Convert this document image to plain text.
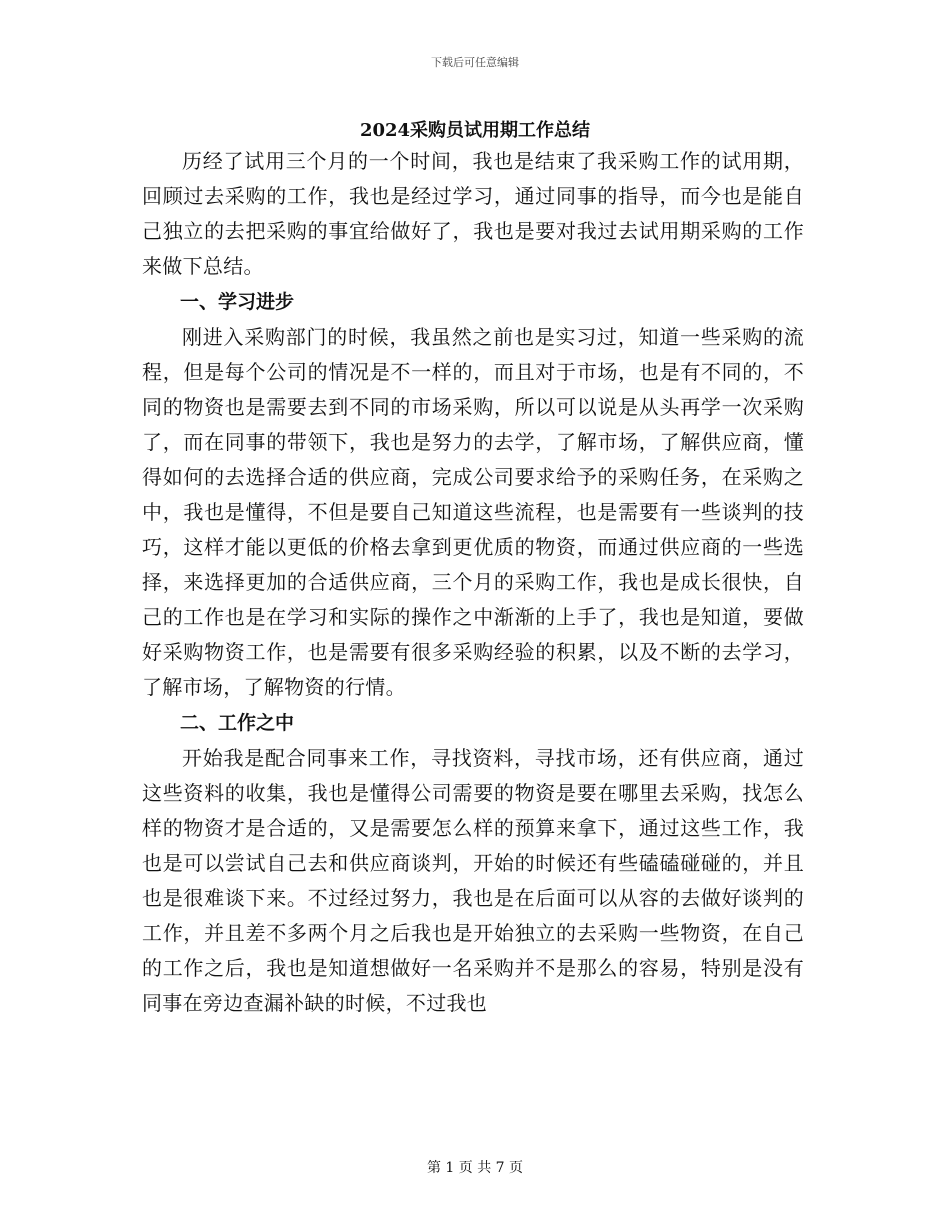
下载后可任意编辑
2024采购员试用期工作总结

历经了试用三个月的一个时间，我也是结束了我采购工作的试用期，回顾过去采购的工作，我也是经过学习，通过同事的指导，而今也是能自己独立的去把采购的事宜给做好了，我也是要对我过去试用期采购的工作来做下总结。

一、学习进步

刚进入采购部门的时候，我虽然之前也是实习过，知道一些采购的流程，但是每个公司的情况是不一样的，而且对于市场，也是有不同的，不同的物资也是需要去到不同的市场采购，所以可以说是从头再学一次采购了，而在同事的带领下，我也是努力的去学，了解市场，了解供应商，懂得如何的去选择合适的供应商，完成公司要求给予的采购任务，在采购之中，我也是懂得，不但是要自己知道这些流程，也是需要有一些谈判的技巧，这样才能以更低的价格去拿到更优质的物资，而通过供应商的一些选择，来选择更加的合适供应商，三个月的采购工作，我也是成长很快，自己的工作也是在学习和实际的操作之中渐渐的上手了，我也是知道，要做好采购物资工作，也是需要有很多采购经验的积累，以及不断的去学习，了解市场，了解物资的行情。

二、工作之中

开始我是配合同事来工作，寻找资料，寻找市场，还有供应商，通过这些资料的收集，我也是懂得公司需要的物资是要在哪里去采购，找怎么样的物资才是合适的，又是需要怎么样的预算来拿下，通过这些工作，我也是可以尝试自己去和供应商谈判，开始的时候还有些磕磕碰碰的，并且也是很难谈下来。不过经过努力，我也是在后面可以从容的去做好谈判的工作，并且差不多两个月之后我也是开始独立的去采购一些物资，在自己的工作之后，我也是知道想做好一名采购并不是那么的容易，特别是没有同事在旁边查漏补缺的时候，不过我也

第 1 页 共 7 页
